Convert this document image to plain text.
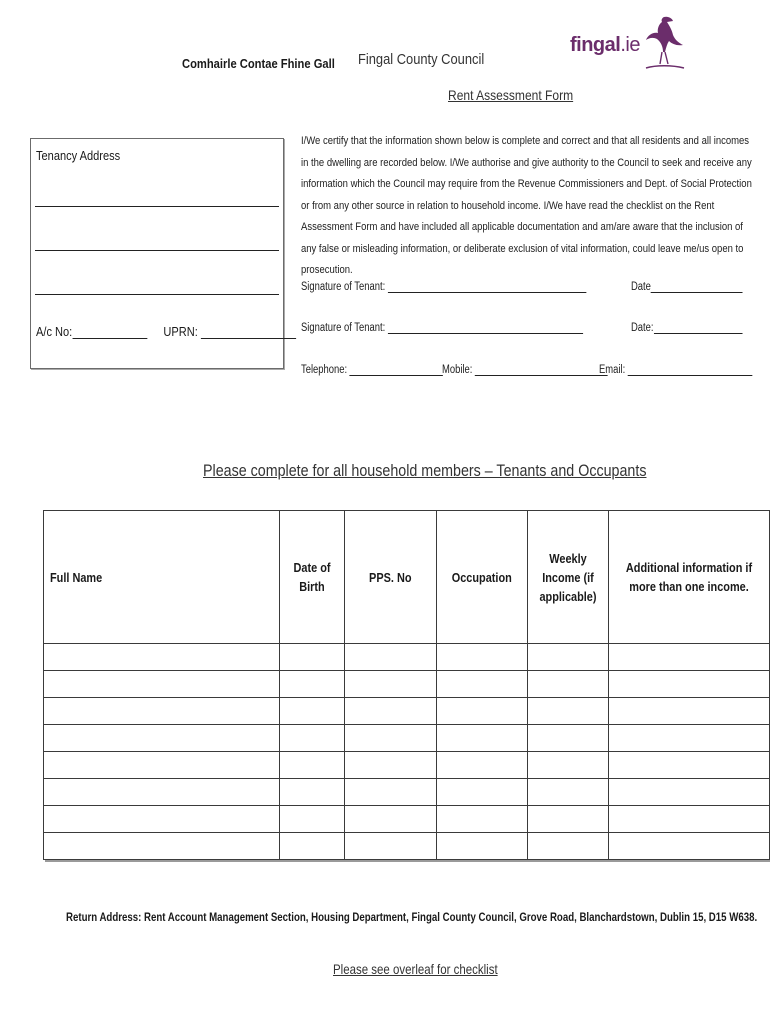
Comhairle Contae Fhine Gall Fingal County Council
fingal.ie
Rent Assessment Form
Tenancy Address
A/c No:	UPRN:
I/We certify that the information shown below is complete and correct and that all residents and all incomes in the dwelling are recorded below. I/We authorise and give authority to the Council to seek and receive any information which the Council may require from the Revenue Commissioners and Dept. of Social Protection or from any other source in relation to household income. I/We have read the checklist on the Rent Assessment Form and have included all applicable documentation and am/are aware that the inclusion of any false or misleading information, or deliberate exclusion of vital information, could leave me/us open to prosecution.
Signature of Tenant:	Date
Signature of Tenant:	Date:
Telephone:	Mobile:	Email:
Please complete for all household members – Tenants and Occupants
Full Name	Date of Birth	PPS. No	Occupation	Weekly Income (if applicable)	Additional information if more than one income.

Return Address: Rent Account Management Section, Housing Department, Fingal County Council, Grove Road, Blanchardstown, Dublin 15, D15 W638.
Please see overleaf for checklist
